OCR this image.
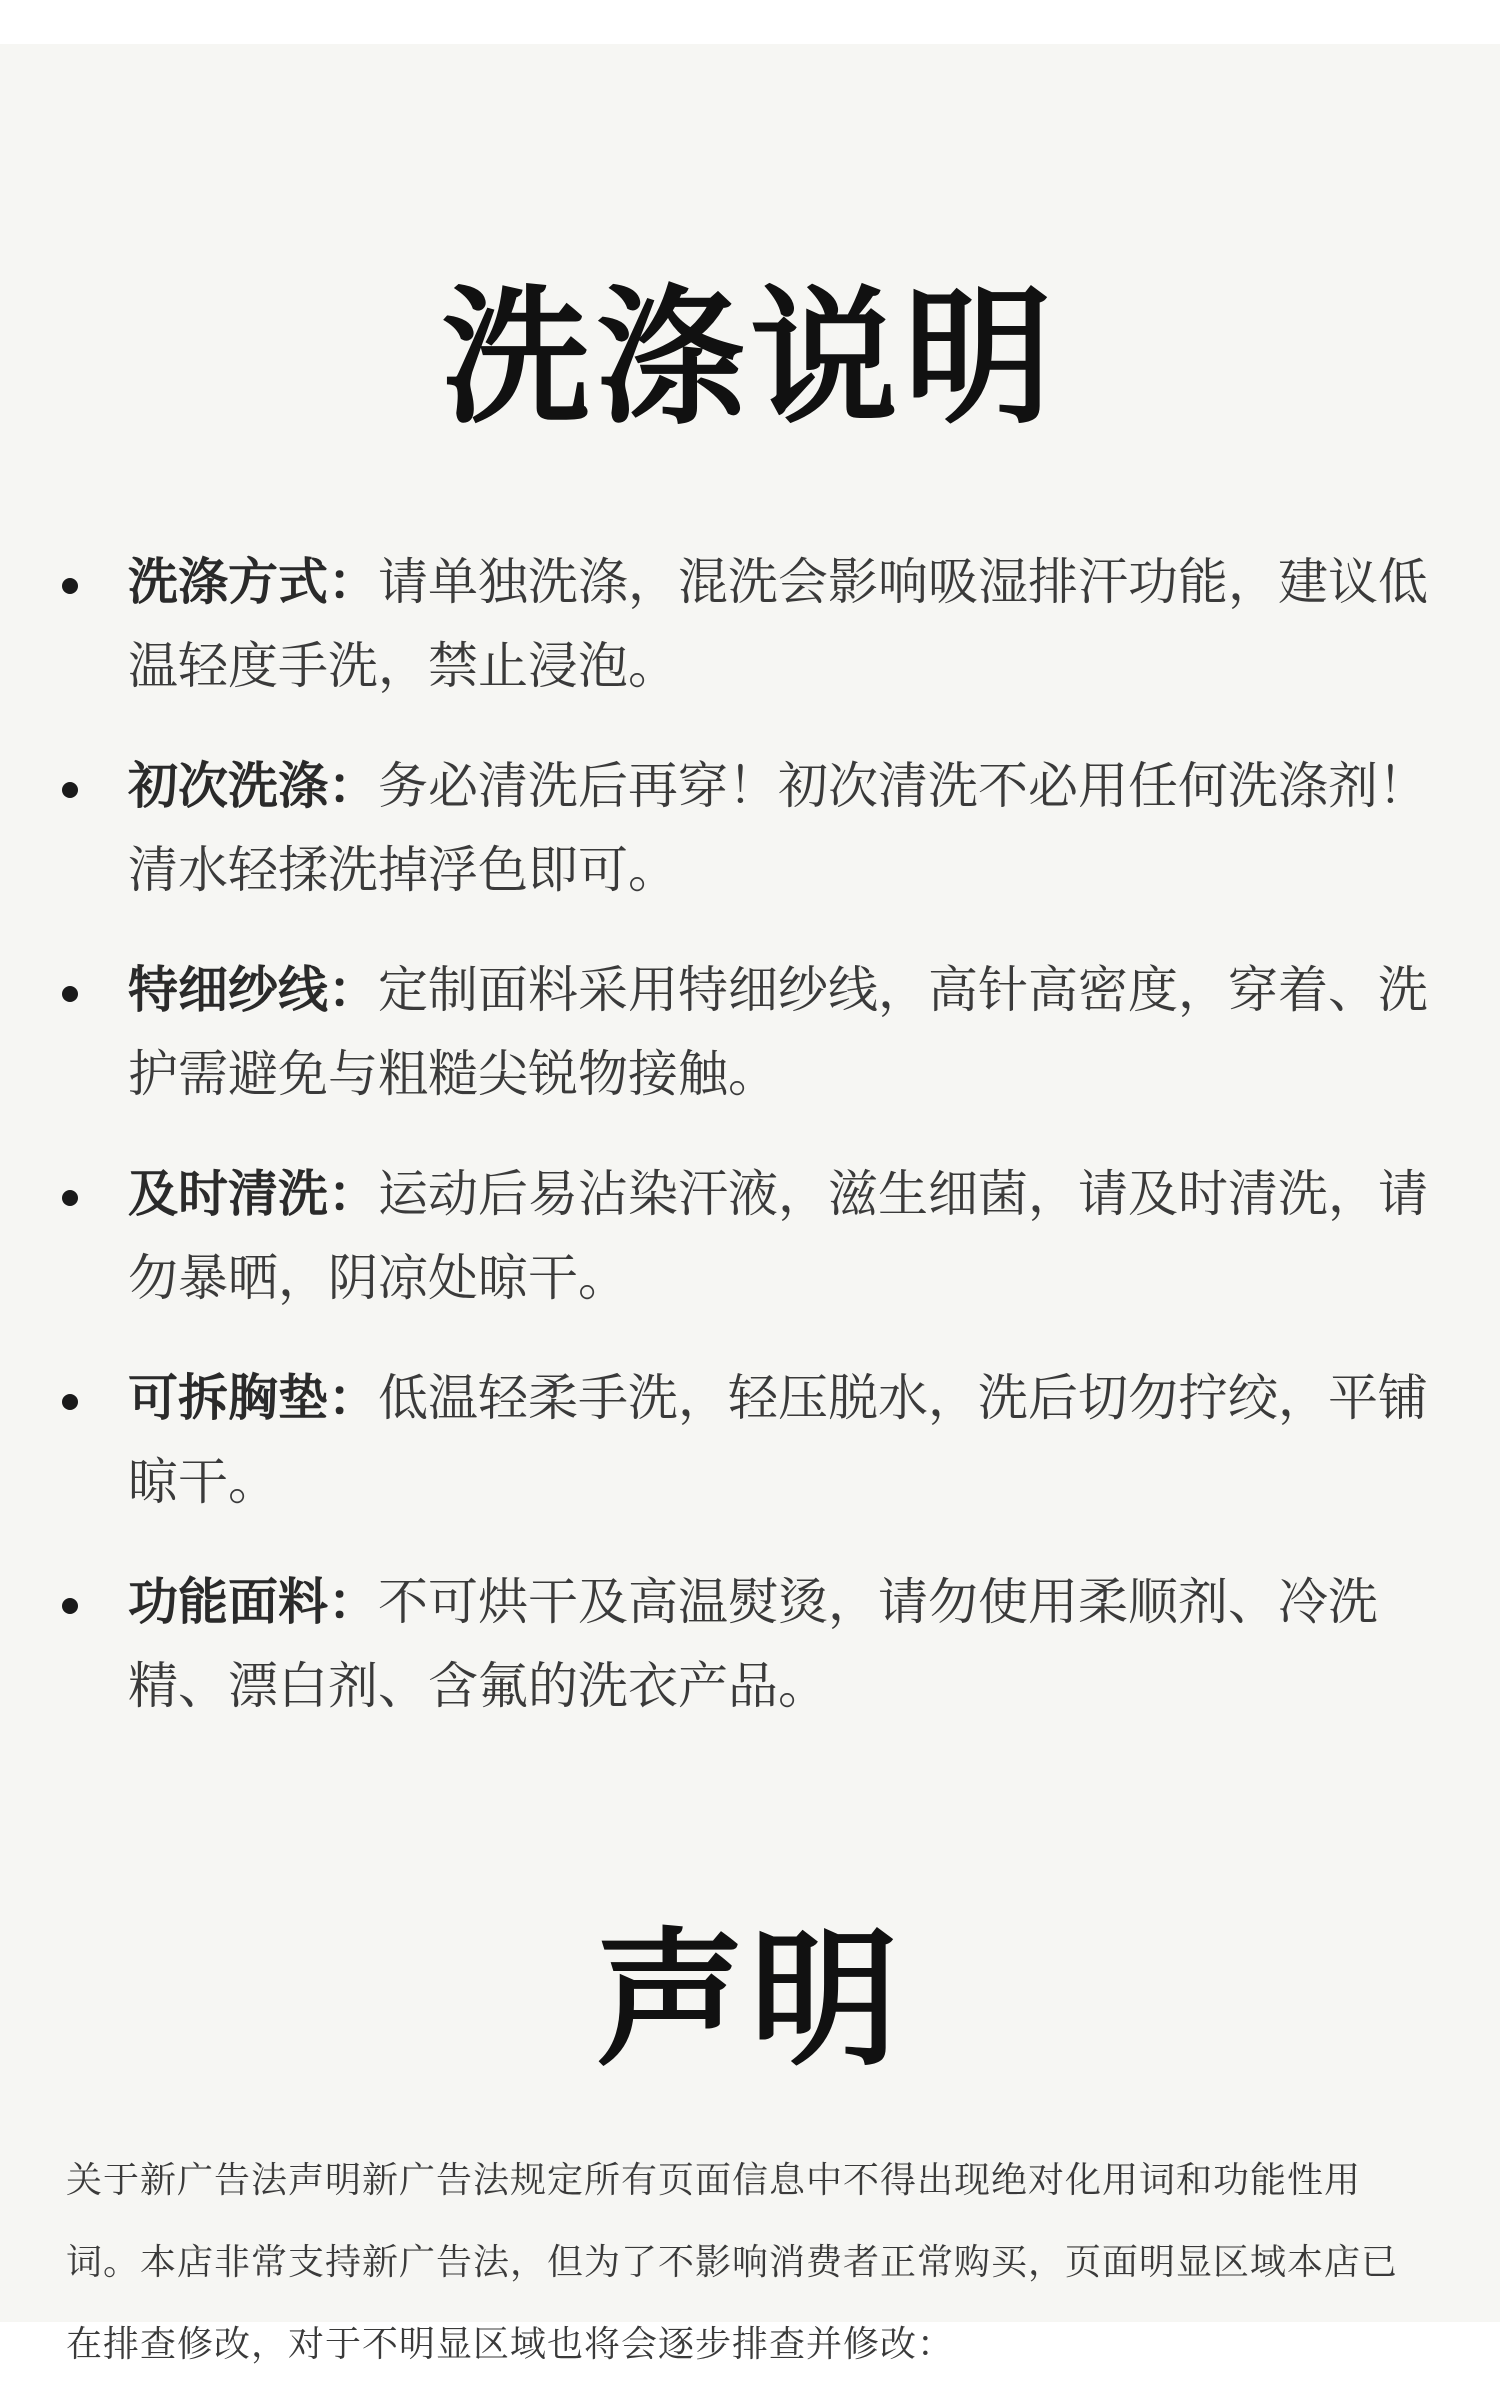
洗涤说明

洗涤方式：请单独洗涤，混洗会影响吸湿排汗功能，建议低温轻度手洗，禁止浸泡。

初次洗涤：务必清洗后再穿！初次清洗不必用任何洗涤剂！清水轻揉洗掉浮色即可。

特细纱线：定制面料采用特细纱线，高针高密度，穿着、洗护需避免与粗糙尖锐物接触。

及时清洗：运动后易沾染汗液，滋生细菌，请及时清洗，请勿暴晒，阴凉处晾干。

可拆胸垫：低温轻柔手洗，轻压脱水，洗后切勿拧绞，平铺晾干。

功能面料：不可烘干及高温熨烫，请勿使用柔顺剂、冷洗精、漂白剂、含氟的洗衣产品。

声明

关于新广告法声明新广告法规定所有页面信息中不得出现绝对化用词和功能性用词。本店非常支持新广告法，但为了不影响消费者正常购买，页面明显区域本店已在排查修改，对于不明显区域也将会逐步排查并修改：
